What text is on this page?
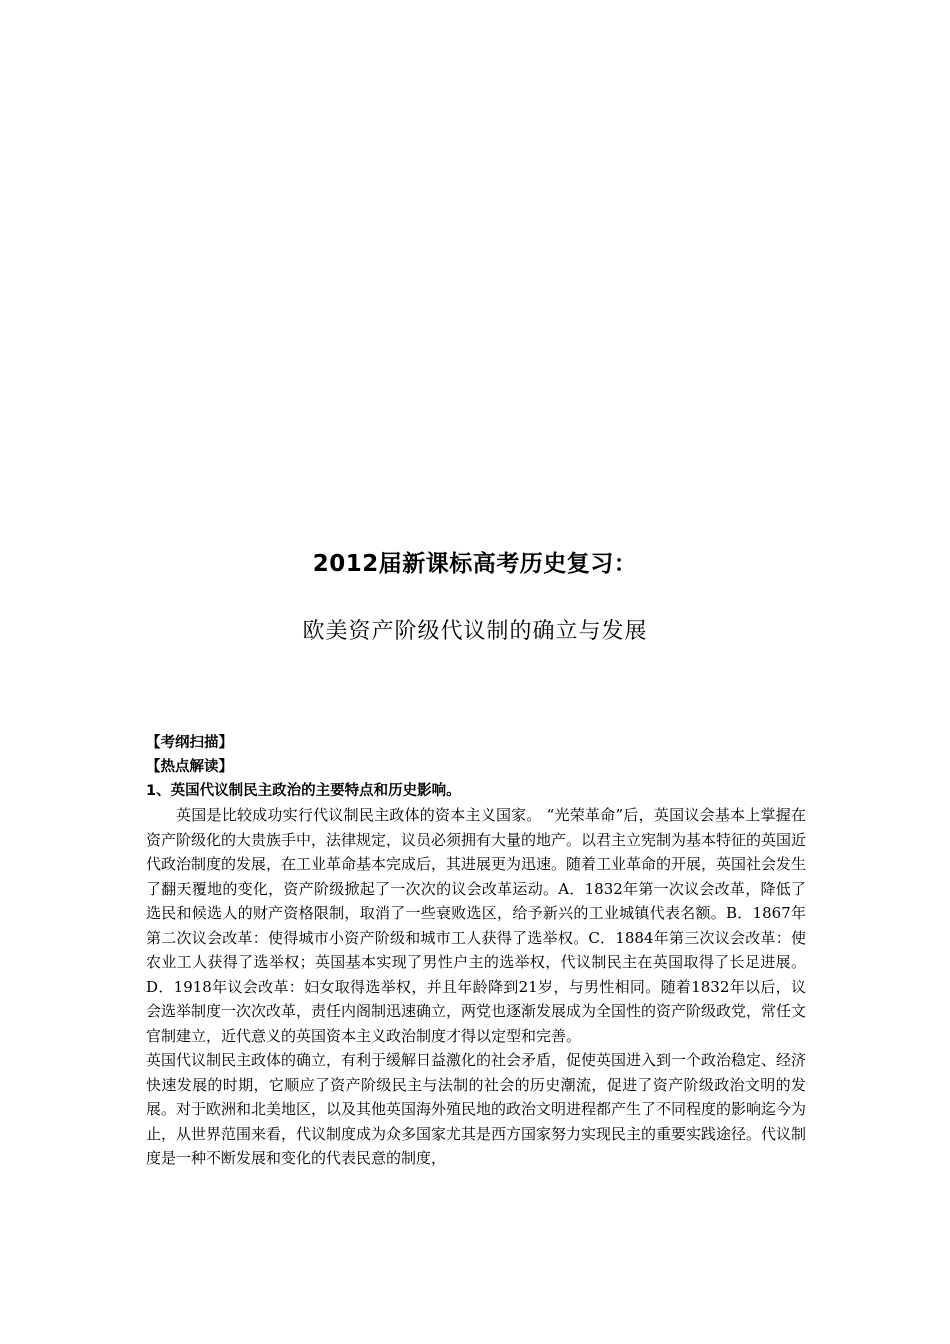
2012届新课标高考历史复习：
欧美资产阶级代议制的确立与发展

【考纲扫描】

【热点解读】

1、英国代议制民主政治的主要特点和历史影响。

英国是比较成功实行代议制民主政体的资本主义国家。 “光荣革命”后，英国议会基本上掌握在资产阶级化的大贵族手中，法律规定，议员必须拥有大量的地产。以君主立宪制为基本特征的英国近代政治制度的发展，在工业革命基本完成后，其进展更为迅速。随着工业革命的开展，英国社会发生了翻天覆地的变化，资产阶级掀起了一次次的议会改革运动。A．1832年第一次议会改革，降低了选民和候选人的财产资格限制，取消了一些衰败选区，给予新兴的工业城镇代表名额。B．1867年第二次议会改革：使得城市小资产阶级和城市工人获得了选举权。C．1884年第三次议会改革：使农业工人获得了选举权；英国基本实现了男性户主的选举权，代议制民主在英国取得了长足进展。D．1918年议会改革：妇女取得选举权，并且年龄降到21岁，与男性相同。随着1832年以后，议会选举制度一次次改革，责任内阁制迅速确立，两党也逐渐发展成为全国性的资产阶级政党，常任文官制建立，近代意义的英国资本主义政治制度才得以定型和完善。

英国代议制民主政体的确立，有利于缓解日益激化的社会矛盾，促使英国进入到一个政治稳定、经济快速发展的时期，它顺应了资产阶级民主与法制的社会的历史潮流，促进了资产阶级政治文明的发展。对于欧洲和北美地区，以及其他英国海外殖民地的政治文明进程都产生了不同程度的影响迄今为止，从世界范围来看，代议制度成为众多国家尤其是西方国家努力实现民主的重要实践途径。代议制度是一种不断发展和变化的代表民意的制度，
